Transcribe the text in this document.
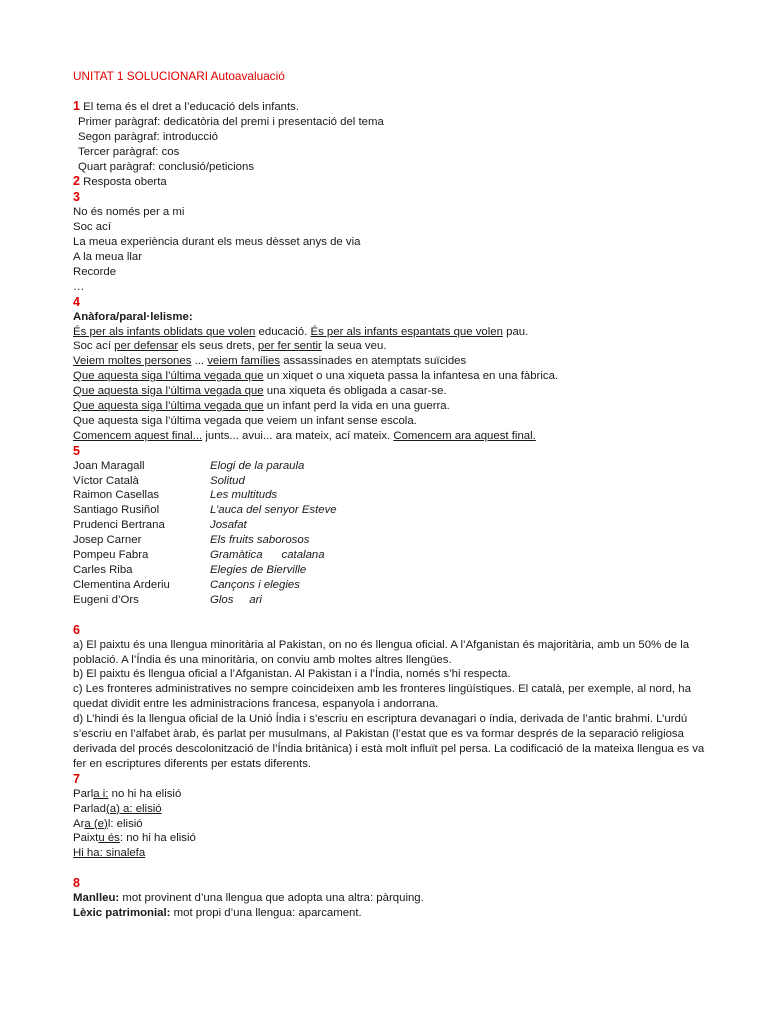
UNITAT 1 SOLUCIONARI Autoavaluació
1 El tema és el dret a l’educació dels infants.
Primer paràgraf: dedicatòria del premi i presentació del tema
Segon paràgraf: introducció
Tercer paràgraf: cos
Quart paràgraf: conclusió/peticions
2 Resposta oberta
3
No és només per a mi
Soc ací
La meua experiència durant els meus dèsset anys de via
A la meua llar
Recorde
…
4
Anàfora/paral·lelisme:
És per als infants oblidats que volen educació. És per als infants espantats que volen pau.
Soc ací per defensar els seus drets, per fer sentir la seua veu.
Veiem moltes persones ... veiem famílies assassinades en atemptats suïcides
Que aquesta siga l’última vegada que un xiquet o una xiqueta passa la infantesa en una fàbrica.
Que aquesta siga l’última vegada que una xiqueta és obligada a casar-se.
Que aquesta siga l’última vegada que un infant perd la vida en una guerra.
Que aquesta siga l’última vegada que veiem un infant sense escola.
Comencem aquest final... junts... avui... ara mateix, ací mateix. Comencem ara aquest final.
5
Joan Maragall	Elogi de la paraula
Víctor Català	Solitud
Raimon Casellas	Les multituds
Santiago Rusiñol	L’auca del senyor Esteve
Prudenci Bertrana	Josafat
Josep Carner	Els fruits saborosos
Pompeu Fabra	Gramàtica      catalana
Carles Riba	Elegies de Bierville
Clementina Arderiu	Cançons i elegies
Eugeni d’Ors	Glos     ari
6
a) El paixtu és una llengua minoritària al Pakistan, on no és llengua oficial. A l’Afganistan és majoritària, amb un 50% de la població. A l’Índia és una minoritària, on conviu amb moltes altres llengües.
b) El paixtu és llengua oficial a l’Afganistan. Al Pakistan i a l’Índia, només s’hi respecta.
c) Les fronteres administratives no sempre coincideixen amb les fronteres lingüístiques. El català, per exemple, al nord, ha quedat dividit entre les administracions francesa, espanyola i andorrana.
d) L’hindi és la llengua oficial de la Unió Índia i s’escriu en escriptura devanagari o índia, derivada de l’antic brahmi. L’urdú s’escriu en l’alfabet àrab, és parlat per musulmans, al Pakistan (l’estat que es va formar després de la separació religiosa derivada del procés descolonització de l’Índia britànica) i està molt influït pel persa. La codificació de la mateixa llengua es va fer en escriptures diferents per estats diferents.
7
Parla i: no hi ha elisió
Parlad(a) a: elisió
Ara (e)l: elisió
Paixtu és: no hi ha elisió
Hi ha: sinalefa
8
Manlleu: mot provinent d’una llengua que adopta una altra: pàrquing.
Lèxic patrimonial: mot propi d’una llengua: aparcament.
